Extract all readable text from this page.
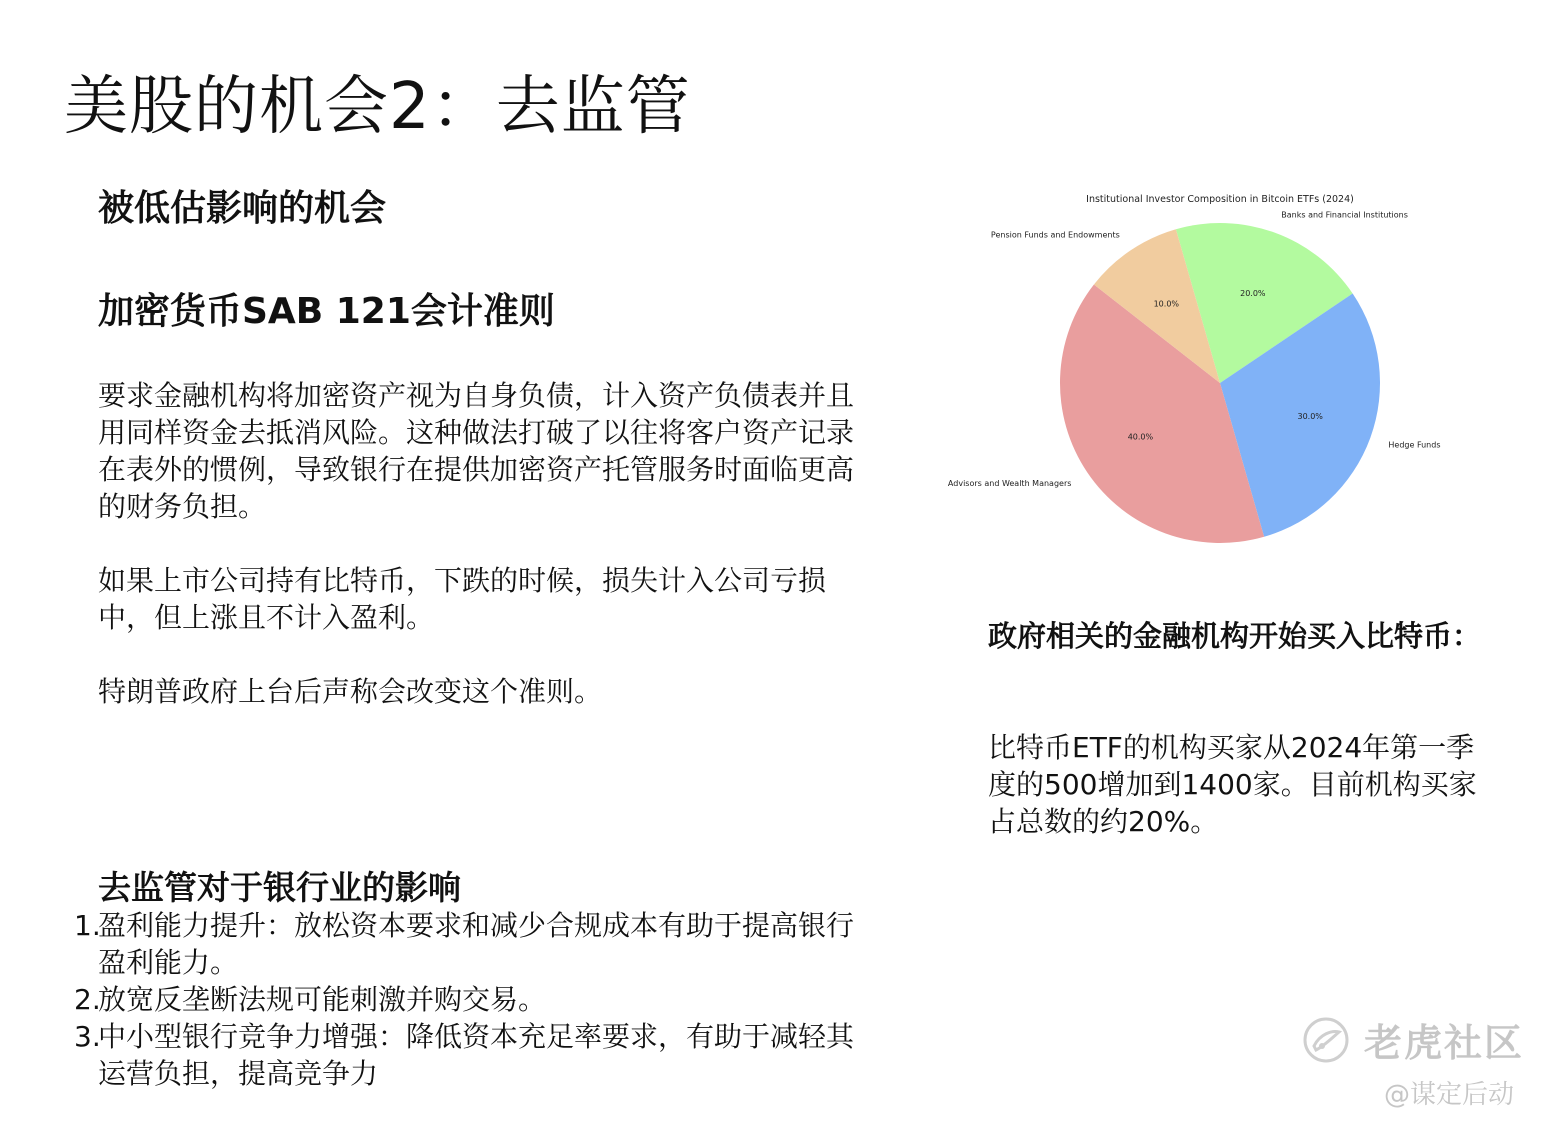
美股的机会2：去监管
被低估影响的机会
加密货币SAB 121会计准则

要求金融机构将加密资产视为自身负债，计入资产负债表并且用同样资金去抵消风险。这种做法打破了以往将客户资产记录在表外的惯例，导致银行在提供加密资产托管服务时面临更高的财务负担。

如果上市公司持有比特币，下跌的时候，损失计入公司亏损中，但上涨且不计入盈利。

特朗普政府上台后声称会改变这个准则。

去监管对于银行业的影响
1.
盈利能力提升：放松资本要求和减少合规成本有助于提高银行盈利能力。
2.
放宽反垄断法规可能刺激并购交易。
3.
中小型银行竞争力增强：降低资本充足率要求，有助于减轻其运营负担，提高竞争力
Institutional Investor Composition in Bitcoin ETFs (2024)
20.0%
Banks and Financial Institutions
30.0%
Hedge Funds
40.0%
Advisors and Wealth Managers
10.0%
Pension Funds and Endowments
政府相关的金融机构开始买入比特币：

比特币ETF的机构买家从2024年第一季度的500增加到1400家。目前机构买家占总数的约20%。

老虎社区
@谋定后动
